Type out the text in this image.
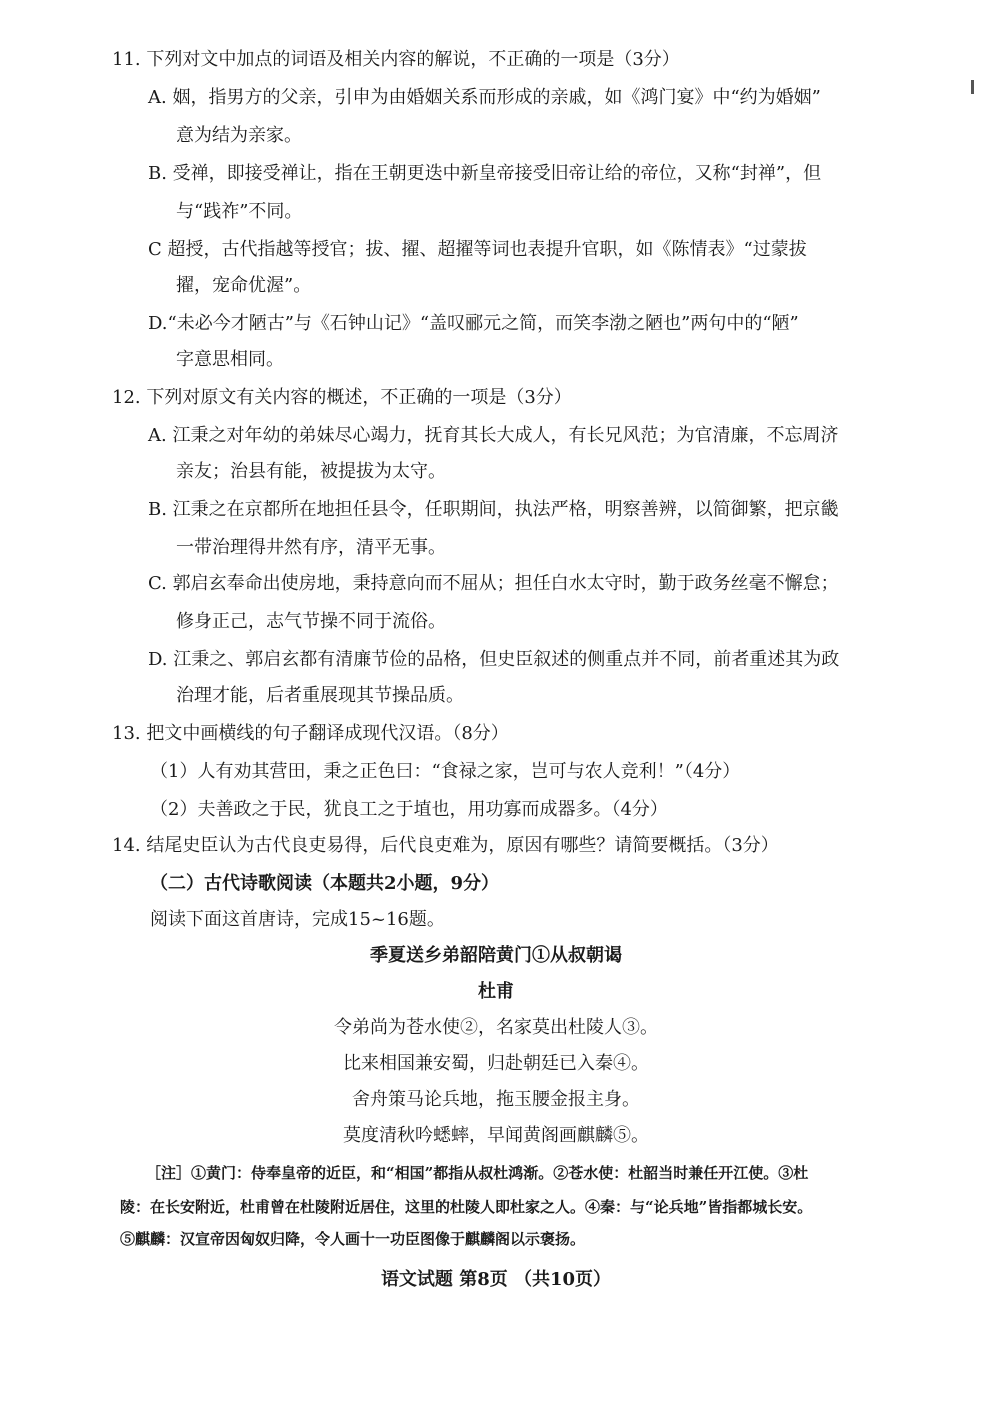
11. 下列对文中加点的词语及相关内容的解说，不正确的一项是（3分）
A. 姻，指男方的父亲，引申为由婚姻关系而形成的亲戚，如《鸿门宴》中“约为婚姻”
意为结为亲家。
B. 受禅，即接受禅让，指在王朝更迭中新皇帝接受旧帝让给的帝位，又称“封禅”，但
与“践祚”不同。
C 超授，古代指越等授官；拔、擢、超擢等词也表提升官职，如《陈情表》“过蒙拔
擢，宠命优渥”。
D.“未必今才陋古”与《石钟山记》“盖叹郦元之简，而笑李渤之陋也”两句中的“陋”
字意思相同。
12. 下列对原文有关内容的概述，不正确的一项是（3分）
A. 江秉之对年幼的弟妹尽心竭力，抚育其长大成人，有长兄风范；为官清廉，不忘周济
亲友；治县有能，被提拔为太守。
B. 江秉之在京都所在地担任县令，任职期间，执法严格，明察善辨，以简御繁，把京畿
一带治理得井然有序，清平无事。
C. 郭启玄奉命出使房地，秉持意向而不屈从；担任白水太守时，勤于政务丝毫不懈怠；
修身正己，志气节操不同于流俗。
D. 江秉之、郭启玄都有清廉节俭的品格，但史臣叙述的侧重点并不同，前者重述其为政
治理才能，后者重展现其节操品质。
13. 把文中画横线的句子翻译成现代汉语。（8分）
（1）人有劝其营田，秉之正色曰：“食禄之家，岂可与农人竞利！”（4分）
（2）夫善政之于民，犹良工之于埴也，用功寡而成器多。（4分）
14. 结尾史臣认为古代良吏易得，后代良吏难为，原因有哪些？请简要概括。（3分）
（二）古代诗歌阅读（本题共2小题，9分）
阅读下面这首唐诗，完成15~16题。
季夏送乡弟韶陪黄门①从叔朝谒
杜甫
令弟尚为苍水使②，名家莫出杜陵人③。
比来相国兼安蜀，归赴朝廷已入秦④。
舍舟策马论兵地，拖玉腰金报主身。
莫度清秋吟蟋蟀，早闻黄阁画麒麟⑤。
［注］①黄门：侍奉皇帝的近臣，和“相国”都指从叔杜鸿渐。②苍水使：杜韶当时兼任开江使。③杜
陵：在长安附近，杜甫曾在杜陵附近居住，这里的杜陵人即杜家之人。④秦：与“论兵地”皆指都城长安。
⑤麒麟：汉宣帝因匈奴归降，令人画十一功臣图像于麒麟阁以示褒扬。
语文试题 第8页 （共10页）
